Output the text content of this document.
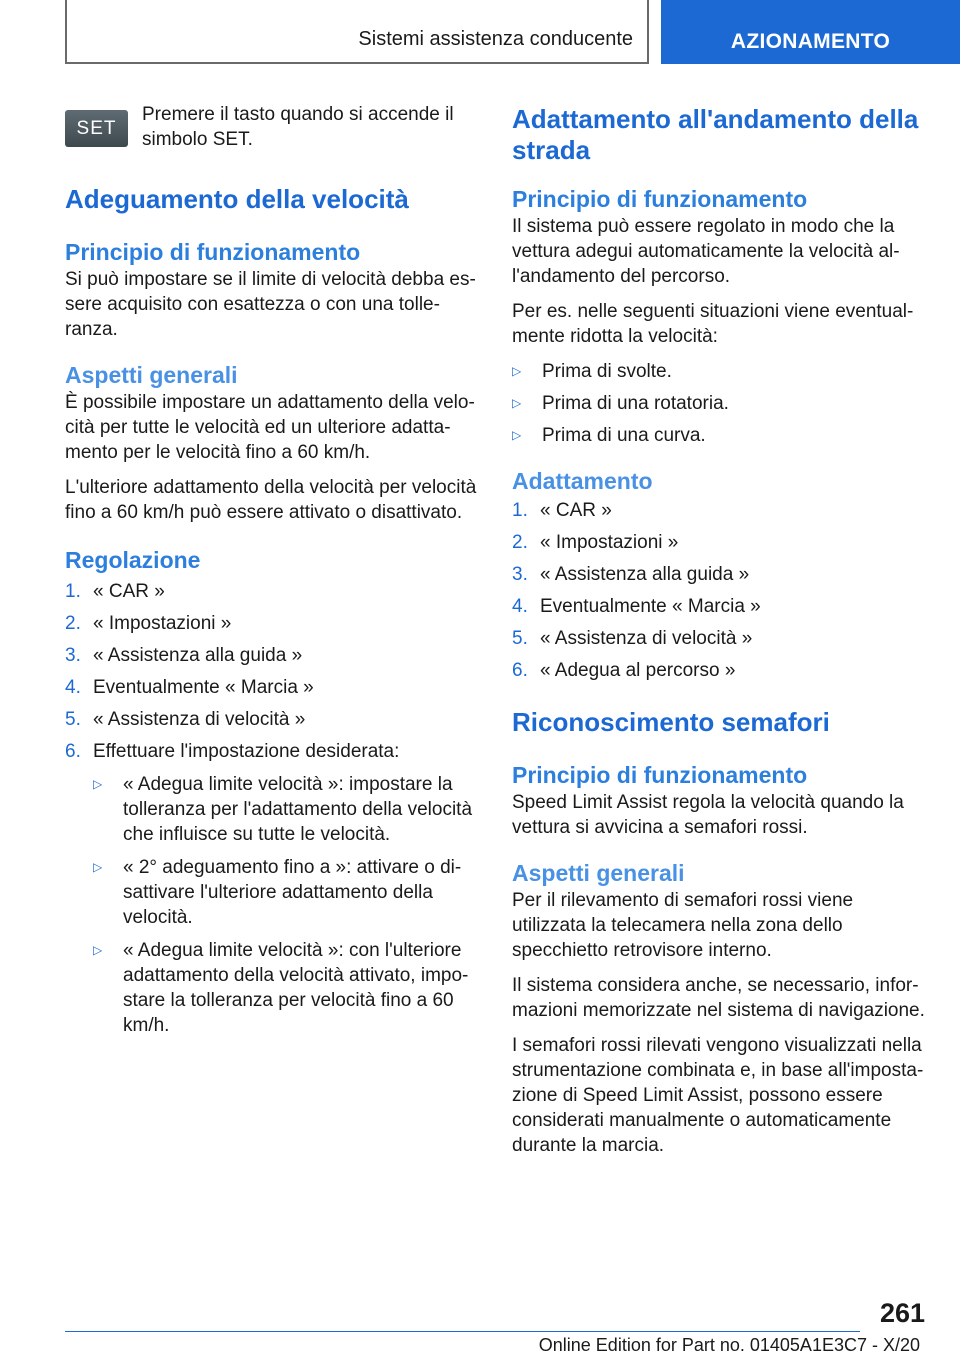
Sistemi assistenza conducente	AZIONAMENTO
SET

Premere il tasto quando si accende il simbolo SET.

Adeguamento della velocità
Principio di funzionamento

Si può impostare se il limite di velocità debba essere acquisito con esattezza o con una tolleranza.

Aspetti generali

È possibile impostare un adattamento della velocità per tutte le velocità ed un ulteriore adattamento per le velocità fino a 60 km/h.

L'ulteriore adattamento della velocità per velocità fino a 60 km/h può essere attivato o disattivato.

Regolazione
1. « CAR »
2. « Impostazioni »
3. « Assistenza alla guida »
4. Eventualmente « Marcia »
5. « Assistenza di velocità »
6. Effettuare l'impostazione desiderata:
▷	« Adegua limite velocità »: impostare la tolleranza per l'adattamento della velocità che influisce su tutte le velocità.
▷	« 2° adeguamento fino a »: attivare o disattivare l'ulteriore adattamento della velocità.
▷	« Adegua limite velocità »: con l'ulteriore adattamento della velocità attivato, impostare la tolleranza per velocità fino a 60 km/h.
Adattamento all'andamento della strada
Principio di funzionamento

Il sistema può essere regolato in modo che la vettura adegui automaticamente la velocità all'andamento del percorso.

Per es. nelle seguenti situazioni viene eventualmente ridotta la velocità:

▷	Prima di svolte.
▷	Prima di una rotatoria.
▷	Prima di una curva.
Adattamento
1. « CAR »
2. « Impostazioni »
3. « Assistenza alla guida »
4. Eventualmente « Marcia »
5. « Assistenza di velocità »
6. « Adegua al percorso »
Riconoscimento semafori
Principio di funzionamento

Speed Limit Assist regola la velocità quando la vettura si avvicina a semafori rossi.

Aspetti generali

Per il rilevamento di semafori rossi viene utilizzata la telecamera nella zona dello specchietto retrovisore interno.

Il sistema considera anche, se necessario, informazioni memorizzate nel sistema di navigazione.

I semafori rossi rilevati vengono visualizzati nella strumentazione combinata e, in base all'impostazione di Speed Limit Assist, possono essere considerati manualmente o automaticamente durante la marcia.

261
Online Edition for Part no. 01405A1E3C7 - X/20
